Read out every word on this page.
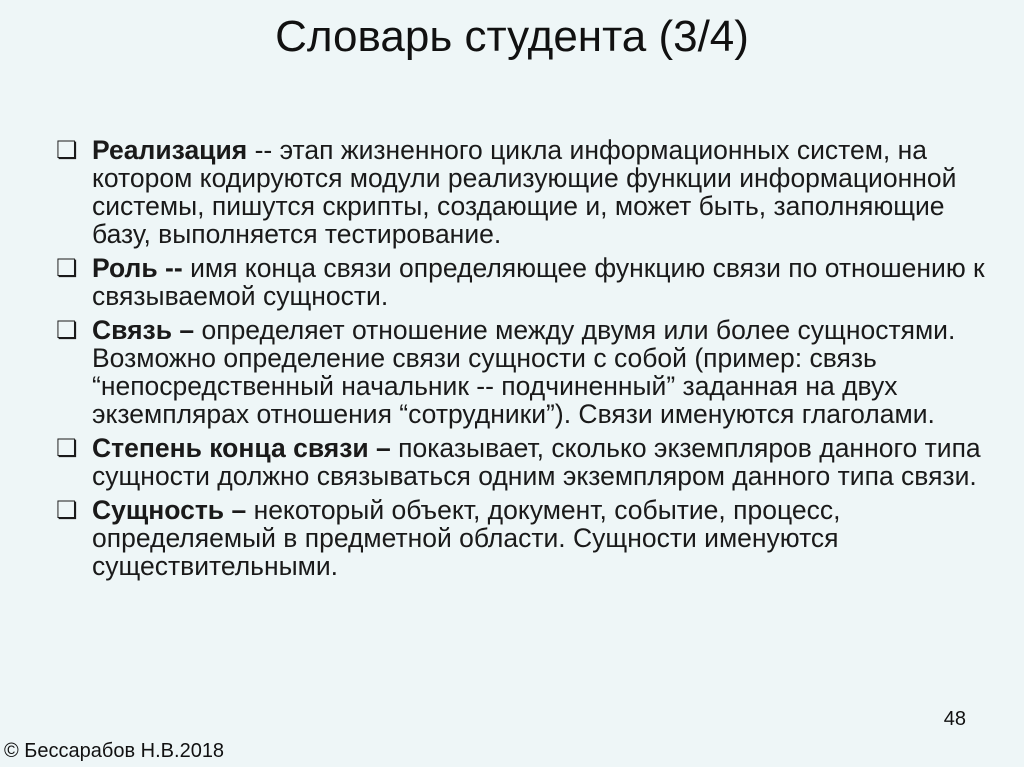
Словарь студента (3/4)
❏
Реализация -- этап жизненного цикла информационных систем, на котором кодируются модули реализующие функции информационной системы, пишутся скрипты, создающие и, может быть, заполняющие базу, выполняется тестирование.
❏
Роль -- имя конца связи определяющее функцию связи по отношению к связываемой сущности.
❏
Связь – определяет отношение между двумя или более сущностями. Возможно определение связи сущности с собой (пример: связь “непосредственный начальник -- подчиненный” заданная на двух экземплярах отношения “сотрудники”). Связи именуются глаголами.
❏
Степень конца связи – показывает, сколько экземпляров данного типа сущности должно связываться одним экземпляром данного типа связи.
❏
Сущность – некоторый объект, документ, событие, процесс, определяемый в предметной области. Сущности именуются существительными.
48
© Бессарабов Н.В.2018
